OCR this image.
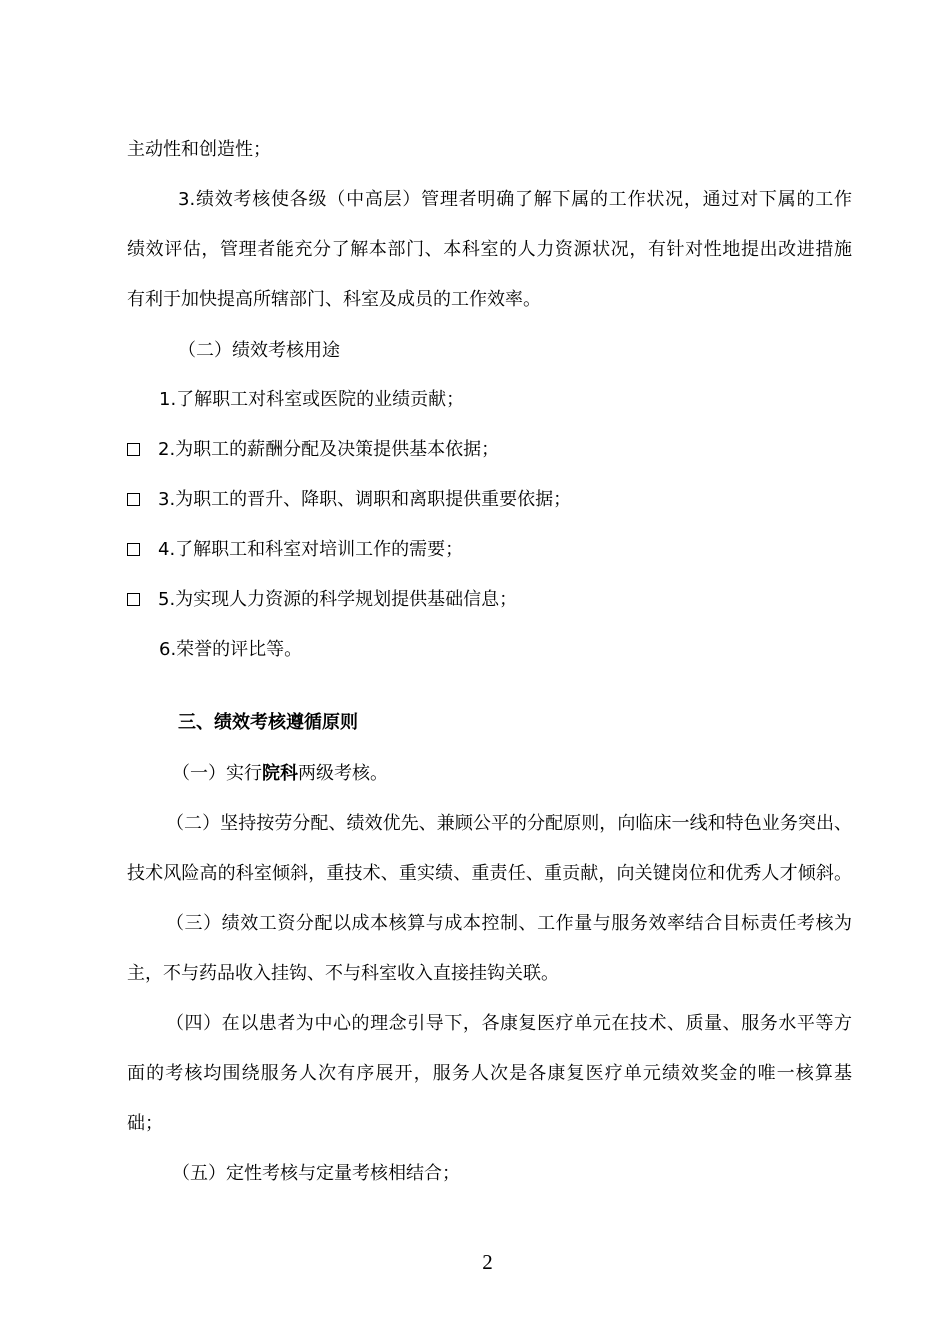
主动性和创造性；
3.绩效考核使各级（中高层）管理者明确了解下属的工作状况，通过对下属的工作
绩效评估，管理者能充分了解本部门、本科室的人力资源状况，有针对性地提出改进措施
有利于加快提高所辖部门、科室及成员的工作效率。
（二）绩效考核用途
1.了解职工对科室或医院的业绩贡献；
2.为职工的薪酬分配及决策提供基本依据；
3.为职工的晋升、降职、调职和离职提供重要依据；
4.了解职工和科室对培训工作的需要；
5.为实现人力资源的科学规划提供基础信息；
6.荣誉的评比等。
三、绩效考核遵循原则
（一）实行院科两级考核。
（二）坚持按劳分配、绩效优先、兼顾公平的分配原则，向临床一线和特色业务突出、
技术风险高的科室倾斜，重技术、重实绩、重责任、重贡献，向关键岗位和优秀人才倾斜。
（三）绩效工资分配以成本核算与成本控制、工作量与服务效率结合目标责任考核为
主，不与药品收入挂钩、不与科室收入直接挂钩关联。
（四）在以患者为中心的理念引导下，各康复医疗单元在技术、质量、服务水平等方
面的考核均围绕服务人次有序展开，服务人次是各康复医疗单元绩效奖金的唯一核算基
础；
（五）定性考核与定量考核相结合；
2
